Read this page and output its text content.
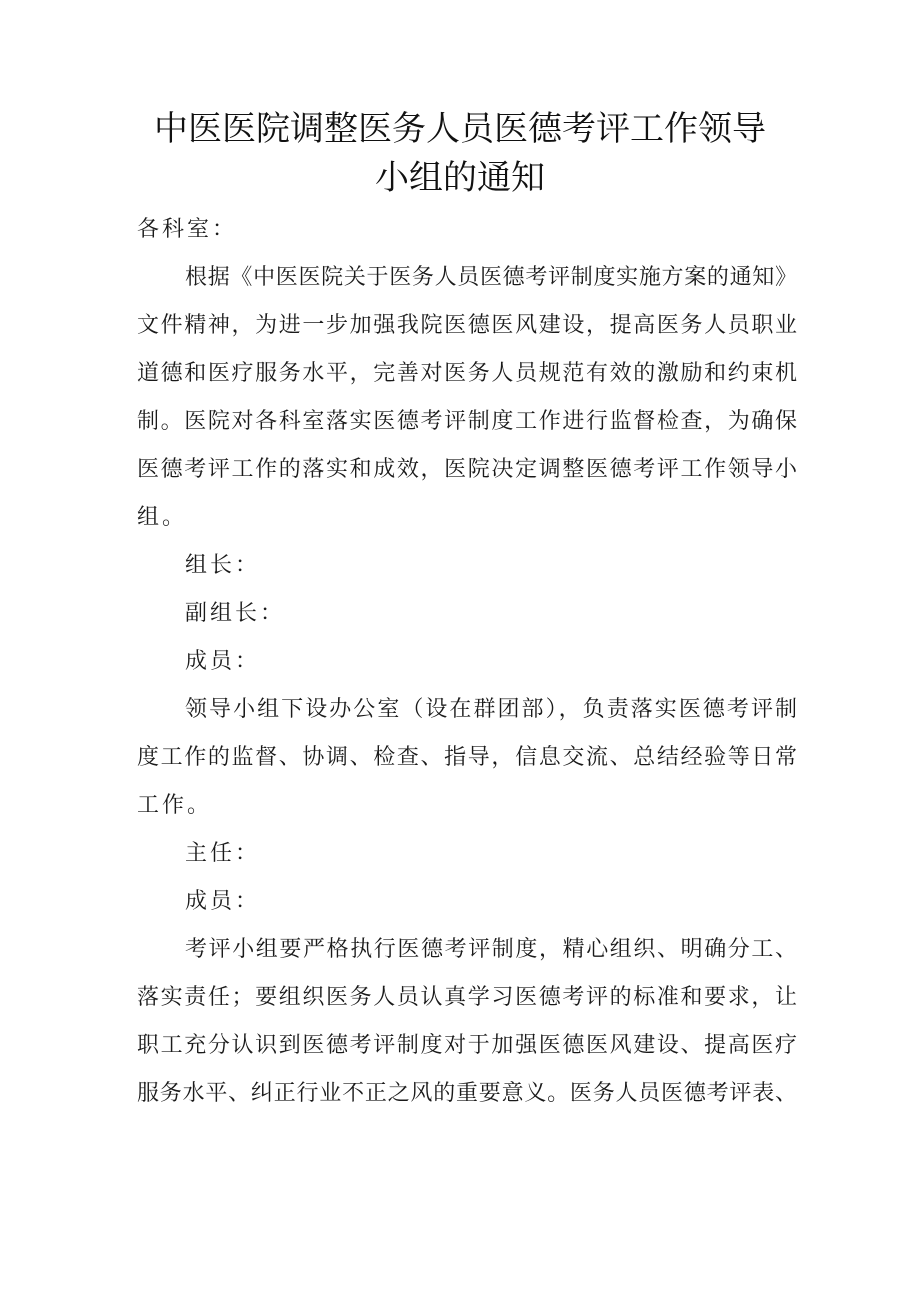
中医医院调整医务人员医德考评工作领导
小组的通知
各科室：
根据《中医医院关于医务人员医德考评制度实施方案的通知》
文件精神，为进一步加强我院医德医风建设，提高医务人员职业
道德和医疗服务水平，完善对医务人员规范有效的激励和约束机
制。医院对各科室落实医德考评制度工作进行监督检查，为确保
医德考评工作的落实和成效，医院决定调整医德考评工作领导小
组。
组长：
副组长：
成员：
领导小组下设办公室（设在群团部），负责落实医德考评制
度工作的监督、协调、检查、指导，信息交流、总结经验等日常
工作。
主任：
成员：
考评小组要严格执行医德考评制度，精心组织、明确分工、
落实责任；要组织医务人员认真学习医德考评的标准和要求，让
职工充分认识到医德考评制度对于加强医德医风建设、提高医疗
服务水平、纠正行业不正之风的重要意义。医务人员医德考评表、
